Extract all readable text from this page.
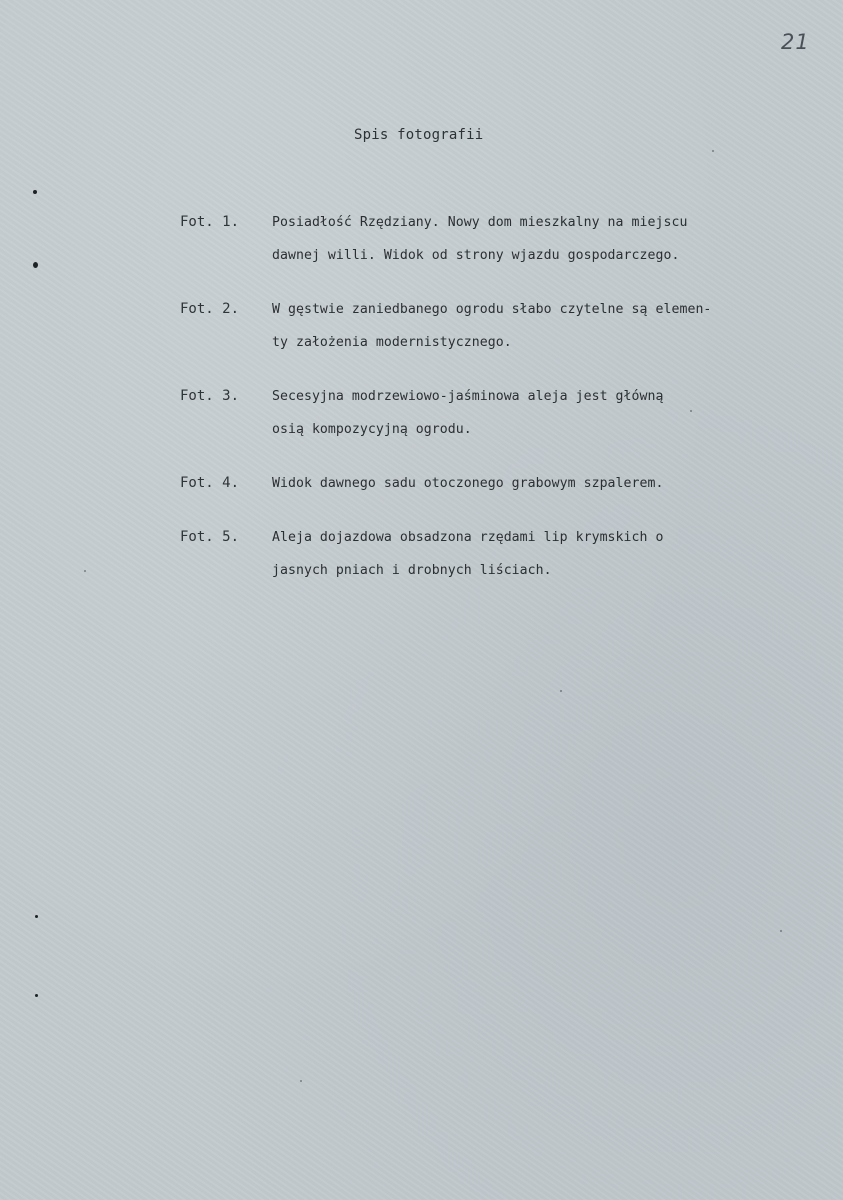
21
Spis fotografii
Fot. 1.	Posiadłość Rzędziany. Nowy dom mieszkalny na miejscu
dawnej willi. Widok od strony wjazdu gospodarczego.
Fot. 2.	W gęstwie zaniedbanego ogrodu słabo czytelne są elemen-
ty założenia modernistycznego.
Fot. 3.	Secesyjna modrzewiowo-jaśminowa aleja jest główną
osią kompozycyjną ogrodu.
Fot. 4.	Widok dawnego sadu otoczonego grabowym szpalerem.
Fot. 5.	Aleja dojazdowa obsadzona rzędami lip krymskich o
jasnych pniach i drobnych liściach.
